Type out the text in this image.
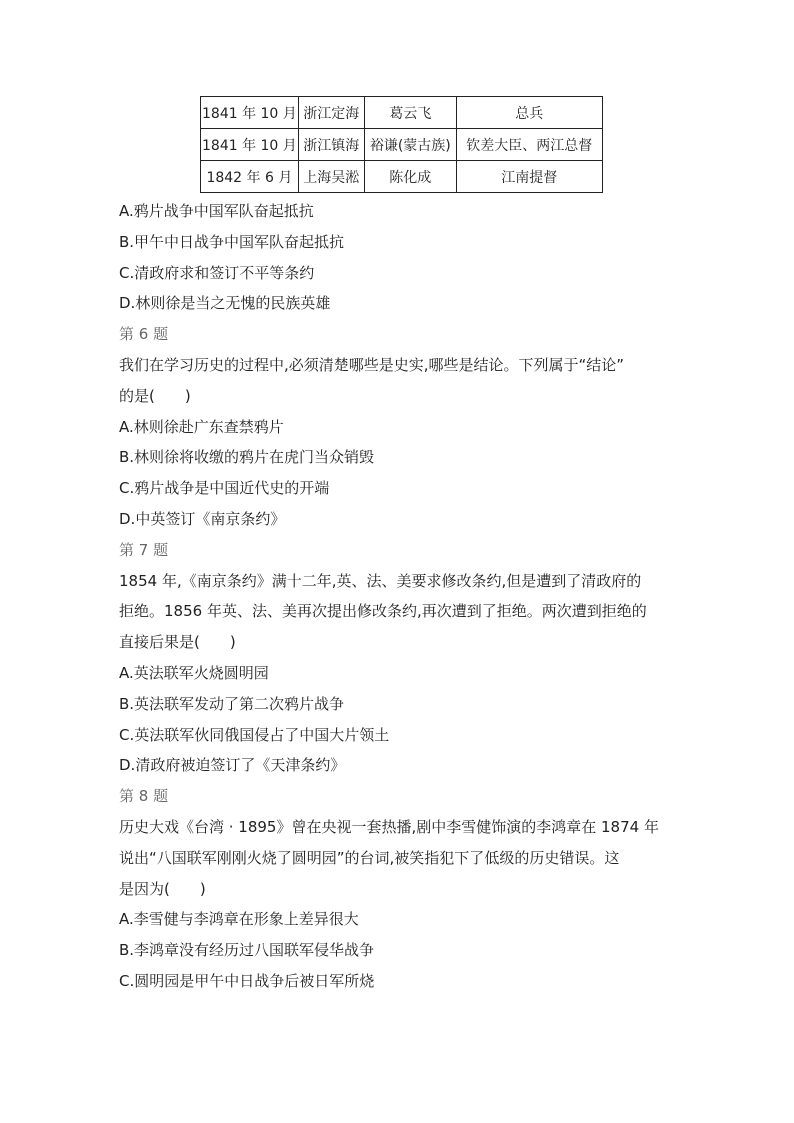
1841 年 10 月	浙江定海	葛云飞	总兵
1841 年 10 月	浙江镇海	裕谦(蒙古族)	钦差大臣、两江总督
1842 年 6 月	上海吴淞	陈化成	江南提督
A.鸦片战争中国军队奋起抵抗
B.甲午中日战争中国军队奋起抵抗
C.清政府求和签订不平等条约
D.林则徐是当之无愧的民族英雄
第 6 题
我们在学习历史的过程中,必须清楚哪些是史实,哪些是结论。下列属于“结论”
的是(　　)
A.林则徐赴广东查禁鸦片
B.林则徐将收缴的鸦片在虎门当众销毁
C.鸦片战争是中国近代史的开端
D.中英签订《南京条约》
第 7 题
1854 年,《南京条约》满十二年,英、法、美要求修改条约,但是遭到了清政府的
拒绝。1856 年英、法、美再次提出修改条约,再次遭到了拒绝。两次遭到拒绝的
直接后果是(　　)
A.英法联军火烧圆明园
B.英法联军发动了第二次鸦片战争
C.英法联军伙同俄国侵占了中国大片领土
D.清政府被迫签订了《天津条约》
第 8 题
历史大戏《台湾 · 1895》曾在央视一套热播,剧中李雪健饰演的李鸿章在 1874 年
说出“八国联军刚刚火烧了圆明园”的台词,被笑指犯下了低级的历史错误。这
是因为(　　)
A.李雪健与李鸿章在形象上差异很大
B.李鸿章没有经历过八国联军侵华战争
C.圆明园是甲午中日战争后被日军所烧
